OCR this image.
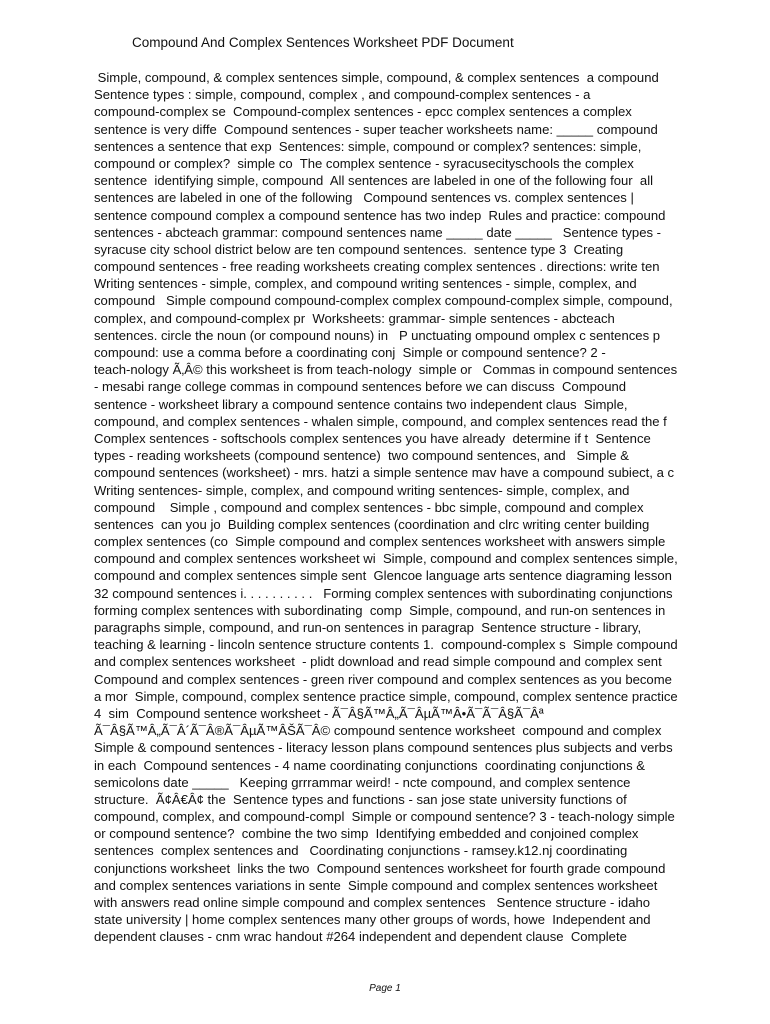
Compound And Complex Sentences Worksheet PDF Document
Simple, compound, & complex sentences simple, compound, & complex sentences  a compound
Sentence types : simple, compound, complex , and compound-complex sentences - a
compound-complex se  Compound-complex sentences - epcc complex sentences a complex
sentence is very diffe  Compound sentences - super teacher worksheets name: _____ compound
sentences a sentence that exp  Sentences: simple, compound or complex? sentences: simple,
compound or complex?  simple co  The complex sentence - syracusecityschools the complex
sentence  identifying simple, compound  All sentences are labeled in one of the following four  all
sentences are labeled in one of the following   Compound sentences vs. complex sentences |
sentence compound complex a compound sentence has two indep  Rules and practice: compound
sentences - abcteach grammar: compound sentences name _____ date _____   Sentence types -
syracuse city school district below are ten compound sentences.  sentence type 3  Creating
compound sentences - free reading worksheets creating complex sentences . directions: write ten
Writing sentences - simple, complex, and compound writing sentences - simple, complex, and
compound   Simple compound compound-complex complex compound-complex simple, compound,
complex, and compound-complex pr  Worksheets: grammar- simple sentences - abcteach
sentences. circle the noun (or compound nouns) in   P unctuating ompound omplex c sentences p
compound: use a comma before a coordinating conj  Simple or compound sentence? 2 -
teach-nology Ã‚Â© this worksheet is from teach-nology  simple or   Commas in compound sentences
- mesabi range college commas in compound sentences before we can discuss  Compound
sentence - worksheet library a compound sentence contains two independent claus  Simple,
compound, and complex sentences - whalen simple, compound, and complex sentences read the f
Complex sentences - softschools complex sentences you have already  determine if t  Sentence
types - reading worksheets (compound sentence)  two compound sentences, and   Simple &
compound sentences (worksheet) - mrs. hatzi a simple sentence mav have a compound subiect, a c
Writing sentences- simple, complex, and compound writing sentences- simple, complex, and
compound    Simple , compound and complex sentences - bbc simple, compound and complex
sentences  can you jo  Building complex sentences (coordination and clrc writing center building
complex sentences (co  Simple compound and complex sentences worksheet with answers simple
compound and complex sentences worksheet wi  Simple, compound and complex sentences simple,
compound and complex sentences simple sent  Glencoe language arts sentence diagraming lesson
32 compound sentences i. . . . . . . . . .   Forming complex sentences with subordinating conjunctions
forming complex sentences with subordinating  comp  Simple, compound, and run-on sentences in
paragraphs simple, compound, and run-on sentences in paragrap  Sentence structure - library,
teaching & learning - lincoln sentence structure contents 1.  compound-complex s  Simple compound
and complex sentences worksheet  - plidt download and read simple compound and complex sent
Compound and complex sentences - green river compound and complex sentences as you become
a mor  Simple, compound, complex sentence practice simple, compound, complex sentence practice
4  sim  Compound sentence worksheet - Ã¯Â§Ã™Â„Ã¯ÂµÃ™Â•Ã¯Ã¯Â§Ã¯Âª
Ã¯Â§Ã™Â„Ã¯Â´Ã¯Â®Ã¯ÂµÃ™ÂŠÃ¯Â© compound sentence worksheet  compound and complex
Simple & compound sentences - literacy lesson plans compound sentences plus subjects and verbs
in each  Compound sentences - 4 name coordinating conjunctions  coordinating conjunctions &
semicolons date _____   Keeping grrrammar weird! - ncte compound, and complex sentence
structure.  Ã¢Â€Â¢ the  Sentence types and functions - san jose state university functions of
compound, complex, and compound-compl  Simple or compound sentence? 3 - teach-nology simple
or compound sentence?  combine the two simp  Identifying embedded and conjoined complex
sentences  complex sentences and   Coordinating conjunctions - ramsey.k12.nj coordinating
conjunctions worksheet  links the two  Compound sentences worksheet for fourth grade compound
and complex sentences variations in sente  Simple compound and complex sentences worksheet
with answers read online simple compound and complex sentences   Sentence structure - idaho
state university | home complex sentences many other groups of words, howe  Independent and
dependent clauses - cnm wrac handout #264 independent and dependent clause  Complete
Page 1
